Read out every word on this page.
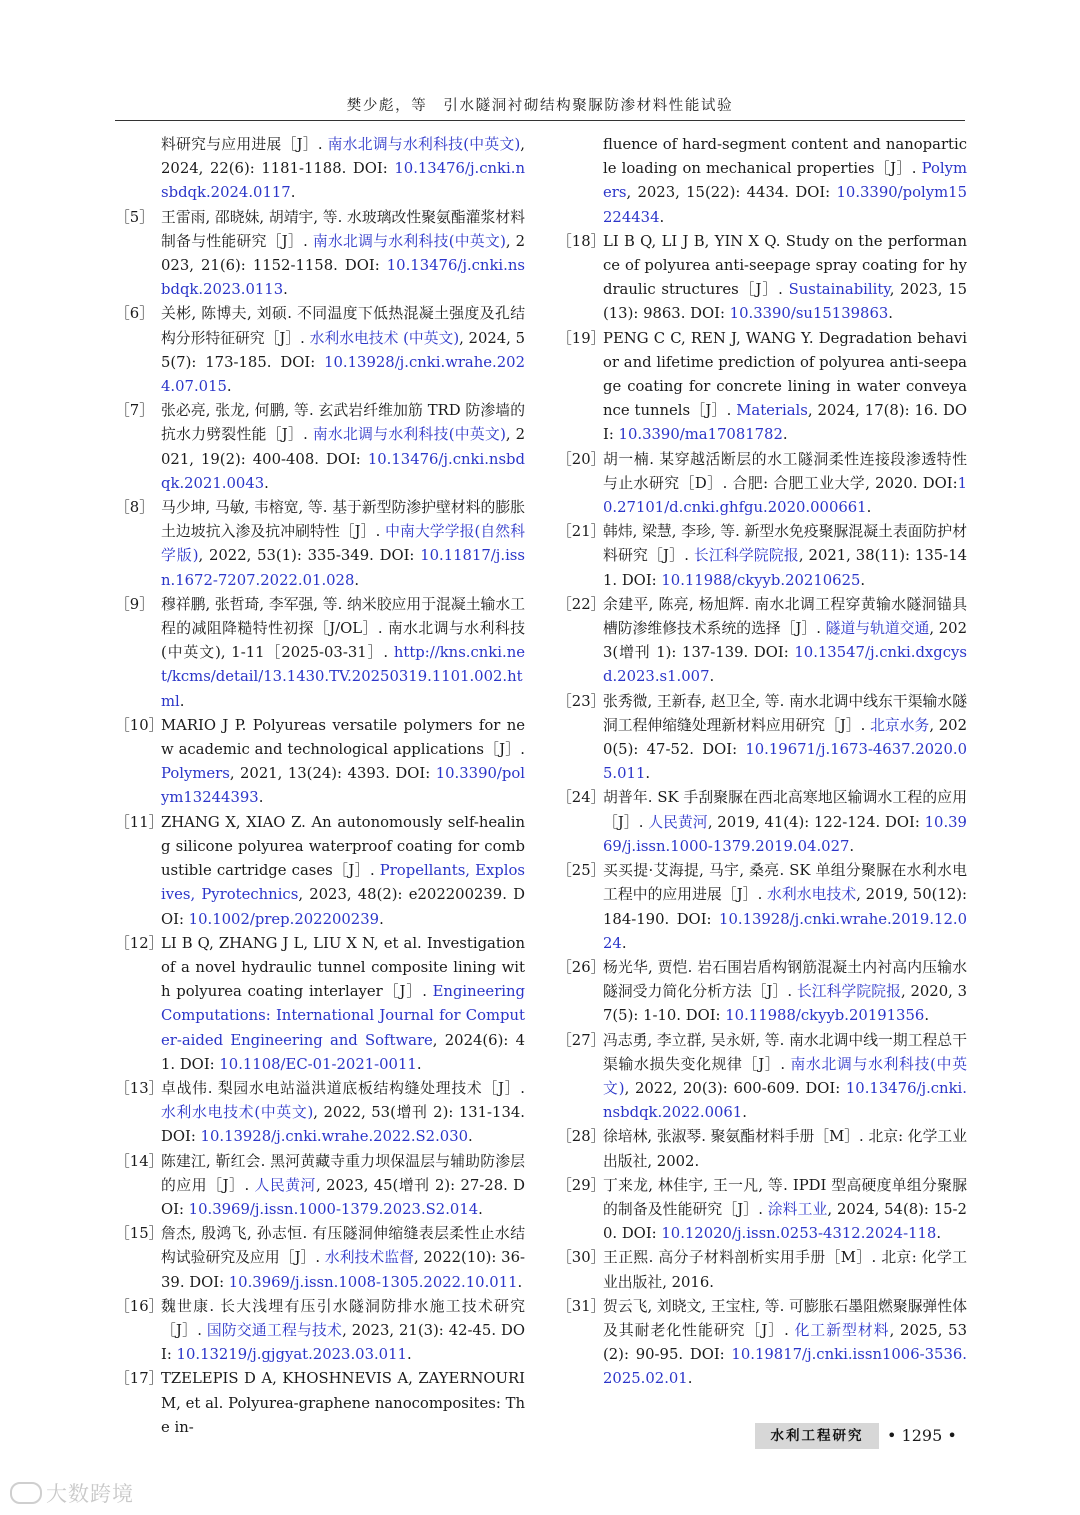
樊少彪，等　引水隧洞衬砌结构聚脲防渗材料性能试验

料研究与应用进展［J］. 南水北调与水利科技(中英文), 2024, 22(6): 1181-1188. DOI: 10.13476/j.cnki.nsbdqk.2024.0117.

［5］ 王雷雨, 邵晓妹, 胡靖宇, 等. 水玻璃改性聚氨酯灌浆材料制备与性能研究［J］. 南水北调与水利科技(中英文), 2023, 21(6): 1152-1158. DOI: 10.13476/j.cnki.nsbdqk.2023.0113.

［6］ 关彬, 陈博夫, 刘硕. 不同温度下低热混凝土强度及孔结构分形特征研究［J］. 水利水电技术 (中英文), 2024, 55(7): 173-185. DOI: 10.13928/j.cnki.wrahe.2024.07.015.

［7］ 张必亮, 张龙, 何鹏, 等. 玄武岩纤维加筋 TRD 防渗墙的抗水力劈裂性能［J］. 南水北调与水利科技(中英文), 2021, 19(2): 400-408. DOI: 10.13476/j.cnki.nsbdqk.2021.0043.

［8］ 马少坤, 马敏, 韦榕宽, 等. 基于新型防渗护壁材料的膨胀土边坡抗入渗及抗冲刷特性［J］. 中南大学学报(自然科学版), 2022, 53(1): 335-349. DOI: 10.11817/j.issn.1672-7207.2022.01.028.

［9］ 穆祥鹏, 张哲琦, 李军强, 等. 纳米胶应用于混凝土输水工程的减阻降糙特性初探［J/OL］. 南水北调与水利科技(中英文), 1-11［2025-03-31］. http://kns.cnki.net/kcms/detail/13.1430.TV.20250319.1101.002.html.

［10］
MARIO J P. Polyureas versatile polymers for new academic and technological applications［J］. Polymers, 2021, 13(24): 4393. DOI: 10.3390/polym13244393.

［11］
ZHANG X, XIAO Z. An autonomously self-healing silicone polyurea waterproof coating for combustible cartridge cases［J］. Propellants, Explosives, Pyrotechnics, 2023, 48(2): e202200239. DOI: 10.1002/prep.202200239.

［12］
LI B Q, ZHANG J L, LIU X N, et al. Investigation of a novel hydraulic tunnel composite lining with polyurea coating interlayer［J］. Engineering Computations: International Journal for Computer-aided Engineering and Software, 2024(6): 41. DOI: 10.1108/EC-01-2021-0011.

［13］
卓战伟. 梨园水电站溢洪道底板结构缝处理技术［J］. 水利水电技术(中英文), 2022, 53(增刊 2): 131-134. DOI: 10.13928/j.cnki.wrahe.2022.S2.030.

［14］
陈建江, 靳红会. 黑河黄藏寺重力坝保温层与辅助防渗层的应用［J］. 人民黄河, 2023, 45(增刊 2): 27-28. DOI: 10.3969/j.issn.1000-1379.2023.S2.014.

［15］
詹杰, 殷鸿飞, 孙志恒. 有压隧洞伸缩缝表层柔性止水结构试验研究及应用［J］. 水利技术监督, 2022(10): 36-39. DOI: 10.3969/j.issn.1008-1305.2022.10.011.

［16］
魏世康. 长大浅埋有压引水隧洞防排水施工技术研究［J］. 国防交通工程与技术, 2023, 21(3): 42-45. DOI: 10.13219/j.gjgyat.2023.03.011.

［17］
TZELEPIS D A, KHOSHNEVIS A, ZAYERNOURI M, et al. Polyurea-graphene nanocomposites: The in-

fluence of hard-segment content and nanoparticle loading on mechanical properties［J］. Polymers, 2023, 15(22): 4434. DOI: 10.3390/polym15224434.

［18］
LI B Q, LI J B, YIN X Q. Study on the performance of polyurea anti-seepage spray coating for hydraulic structures［J］. Sustainability, 2023, 15(13): 9863. DOI: 10.3390/su15139863.

［19］
PENG C C, REN J, WANG Y. Degradation behavior and lifetime prediction of polyurea anti-seepage coating for concrete lining in water conveyance tunnels［J］. Materials, 2024, 17(8): 16. DOI: 10.3390/ma17081782.

［20］
胡一楠. 某穿越活断层的水工隧洞柔性连接段渗透特性与止水研究［D］. 合肥: 合肥工业大学, 2020. DOI:10.27101/d.cnki.ghfgu.2020.000661.

［21］
韩炜, 梁慧, 李珍, 等. 新型水免疫聚脲混凝土表面防护材料研究［J］. 长江科学院院报, 2021, 38(11): 135-141. DOI: 10.11988/ckyyb.20210625.

［22］
余建平, 陈亮, 杨旭辉. 南水北调工程穿黄输水隧洞锚具槽防渗维修技术系统的选择［J］. 隧道与轨道交通, 2023(增刊 1): 137-139. DOI: 10.13547/j.cnki.dxgcysd.2023.s1.007.

［23］
张秀微, 王新春, 赵卫全, 等. 南水北调中线东干渠输水隧洞工程伸缩缝处理新材料应用研究［J］. 北京水务, 2020(5): 47-52. DOI: 10.19671/j.1673-4637.2020.05.011.

［24］
胡普年. SK 手刮聚脲在西北高寒地区输调水工程的应用［J］. 人民黄河, 2019, 41(4): 122-124. DOI: 10.3969/j.issn.1000-1379.2019.04.027.

［25］
买买提·艾海提, 马宇, 桑亮. SK 单组分聚脲在水利水电工程中的应用进展［J］. 水利水电技术, 2019, 50(12): 184-190. DOI: 10.13928/j.cnki.wrahe.2019.12.024.

［26］
杨光华, 贾恺. 岩石围岩盾构钢筋混凝土内衬高内压输水隧洞受力简化分析方法［J］. 长江科学院院报, 2020, 37(5): 1-10. DOI: 10.11988/ckyyb.20191356.

［27］
冯志勇, 李立群, 吴永妍, 等. 南水北调中线一期工程总干渠输水损失变化规律［J］. 南水北调与水利科技(中英文), 2022, 20(3): 600-609. DOI: 10.13476/j.cnki.nsbdqk.2022.0061.

［28］
徐培林, 张淑琴. 聚氨酯材料手册［M］. 北京: 化学工业出版社, 2002.

［29］
丁来龙, 林佳宇, 王一凡, 等. IPDI 型高硬度单组分聚脲的制备及性能研究［J］. 涂料工业, 2024, 54(8): 15-20. DOI: 10.12020/j.issn.0253-4312.2024-118.

［30］
王正熙. 高分子材料剖析实用手册［M］. 北京: 化学工业出版社, 2016.

［31］
贺云飞, 刘晓文, 王宝柱, 等. 可膨胀石墨阻燃聚脲弹性体及其耐老化性能研究［J］. 化工新型材料, 2025, 53(2): 90-95. DOI: 10.19817/j.cnki.issn1006-3536.2025.02.01.

水利工程研究	• 1295 •
大数跨境
